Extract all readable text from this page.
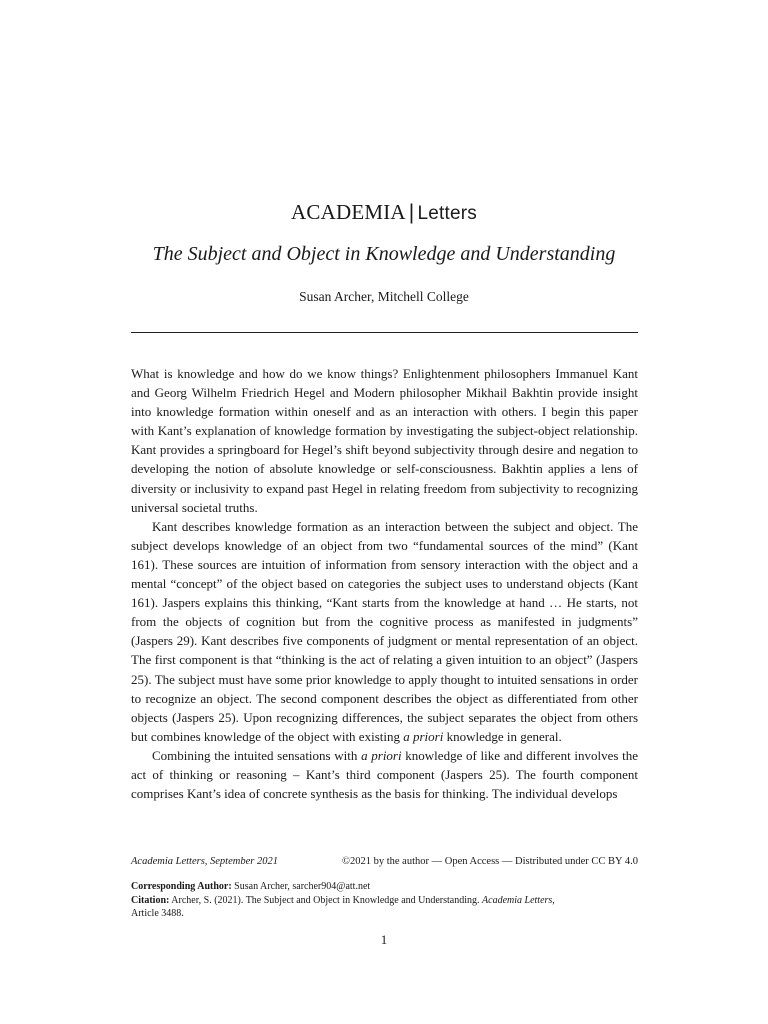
ACADEMIA | Letters
The Subject and Object in Knowledge and Understanding
Susan Archer, Mitchell College

What is knowledge and how do we know things? Enlightenment philosophers Immanuel Kant and Georg Wilhelm Friedrich Hegel and Modern philosopher Mikhail Bakhtin provide insight into knowledge formation within oneself and as an interaction with others. I begin this paper with Kant’s explanation of knowledge formation by investigating the subject-object relationship. Kant provides a springboard for Hegel’s shift beyond subjectivity through desire and negation to developing the notion of absolute knowledge or self-consciousness. Bakhtin applies a lens of diversity or inclusivity to expand past Hegel in relating freedom from subjectivity to recognizing universal societal truths.

Kant describes knowledge formation as an interaction between the subject and object. The subject develops knowledge of an object from two “fundamental sources of the mind” (Kant 161). These sources are intuition of information from sensory interaction with the object and a mental “concept” of the object based on categories the subject uses to understand objects (Kant 161). Jaspers explains this thinking, “Kant starts from the knowledge at hand … He starts, not from the objects of cognition but from the cognitive process as manifested in judgments” (Jaspers 29). Kant describes five components of judgment or mental representation of an object. The first component is that “thinking is the act of relating a given intuition to an object” (Jaspers 25). The subject must have some prior knowledge to apply thought to intuited sensations in order to recognize an object. The second component describes the object as differentiated from other objects (Jaspers 25). Upon recognizing differences, the subject separates the object from others but combines knowledge of the object with existing a priori knowledge in general.

Combining the intuited sensations with a priori knowledge of like and different involves the act of thinking or reasoning – Kant’s third component (Jaspers 25). The fourth component comprises Kant’s idea of concrete synthesis as the basis for thinking. The individual develops

Academia Letters, September 2021	©2021 by the author — Open Access — Distributed under CC BY 4.0
Corresponding Author: Susan Archer, sarcher904@att.net
Citation: Archer, S. (2021). The Subject and Object in Knowledge and Understanding. Academia Letters,
Article 3488.
1
